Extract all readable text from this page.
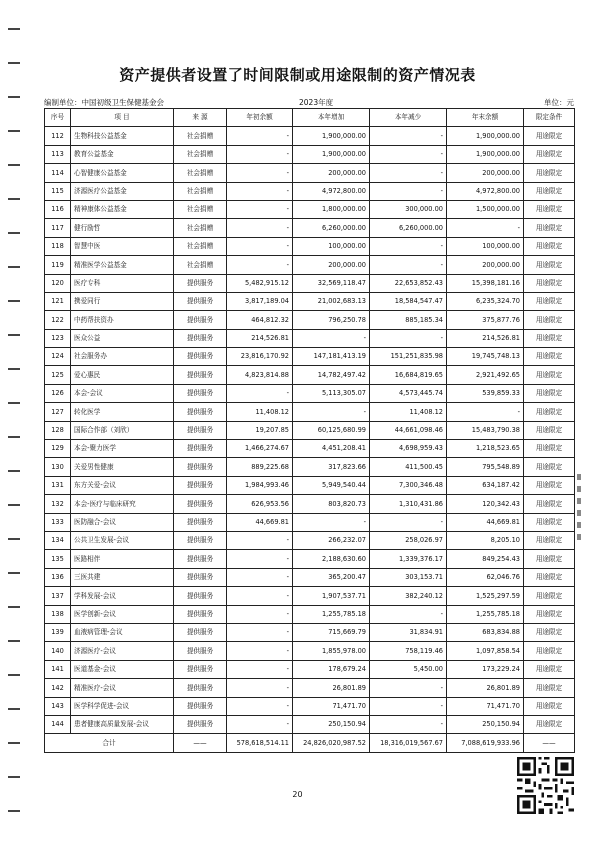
资产提供者设置了时间限制或用途限制的资产情况表
编制单位：中国初级卫生保健基金会	2023年度	单位：元
序号	项 目	来 源	年初余额	本年增加	本年减少	年末余额	限定条件
112	生物科技公益基金	社会捐赠	-	1,900,000.00	-	1,900,000.00	用途限定
113	教育公益基金	社会捐赠	-	1,900,000.00	-	1,900,000.00	用途限定
114	心智健康公益基金	社会捐赠	-	200,000.00	-	200,000.00	用途限定
115	济源医疗公益基金	社会捐赠	-	4,972,800.00	-	4,972,800.00	用途限定
116	精神康体公益基金	社会捐赠	-	1,800,000.00	300,000.00	1,500,000.00	用途限定
117	健行励哲	社会捐赠	-	6,260,000.00	6,260,000.00	-	用途限定
118	智慧中医	社会捐赠	-	100,000.00	-	100,000.00	用途限定
119	精准医学公益基金	社会捐赠	-	200,000.00	-	200,000.00	用途限定
120	医疗专科	提供服务	5,482,915.12	32,569,118.47	22,653,852.43	15,398,181.16	用途限定
121	携爱同行	提供服务	3,817,189.04	21,002,683.13	18,584,547.47	6,235,324.70	用途限定
122	中药帮扶资办	提供服务	464,812.32	796,250.78	885,185.34	375,877.76	用途限定
123	医众公益	提供服务	214,526.81	-	-	214,526.81	用途限定
124	社会服务办	提供服务	23,816,170.92	147,181,413.19	151,251,835.98	19,745,748.13	用途限定
125	爱心惠民	提供服务	4,823,814.88	14,782,497.42	16,684,819.65	2,921,492.65	用途限定
126	本会-会议	提供服务	-	5,113,305.07	4,573,445.74	539,859.33	用途限定
127	转化医学	提供服务	11,408.12	-	11,408.12	-	用途限定
128	国际合作部（刘欣）	提供服务	19,207.85	60,125,680.99	44,661,098.46	15,483,790.38	用途限定
129	本会-聚力医学	提供服务	1,466,274.67	4,451,208.41	4,698,959.43	1,218,523.65	用途限定
130	关爱男性健康	提供服务	889,225.68	317,823.66	411,500.45	795,548.89	用途限定
131	东方关爱-会议	提供服务	1,984,993.46	5,949,540.44	7,300,346.48	634,187.42	用途限定
132	本会-医疗与临床研究	提供服务	626,953.56	803,820.73	1,310,431.86	120,342.43	用途限定
133	医防融合-会议	提供服务	44,669.81	-	-	44,669.81	用途限定
134	公共卫生发展-会议	提供服务	-	266,232.07	258,026.97	8,205.10	用途限定
135	医路相伴	提供服务	-	2,188,630.60	1,339,376.17	849,254.43	用途限定
136	三医共建	提供服务	-	365,200.47	303,153.71	62,046.76	用途限定
137	学科发展-会议	提供服务	-	1,907,537.71	382,240.12	1,525,297.59	用途限定
138	医学创新-会议	提供服务	-	1,255,785.18	-	1,255,785.18	用途限定
139	血液病管理-会议	提供服务	-	715,669.79	31,834.91	683,834.88	用途限定
140	济源医疗-会议	提供服务	-	1,855,978.00	758,119.46	1,097,858.54	用途限定
141	医道基金-会议	提供服务	-	178,679.24	5,450.00	173,229.24	用途限定
142	精准医疗-会议	提供服务	-	26,801.89	-	26,801.89	用途限定
143	医学科学促进-会议	提供服务	-	71,471.70	-	71,471.70	用途限定
144	患者健康高质量发展-会议	提供服务	-	250,150.94	-	250,150.94	用途限定
合计		——	578,618,514.11	24,826,020,987.52	18,316,019,567.67	7,088,619,933.96	——
20
